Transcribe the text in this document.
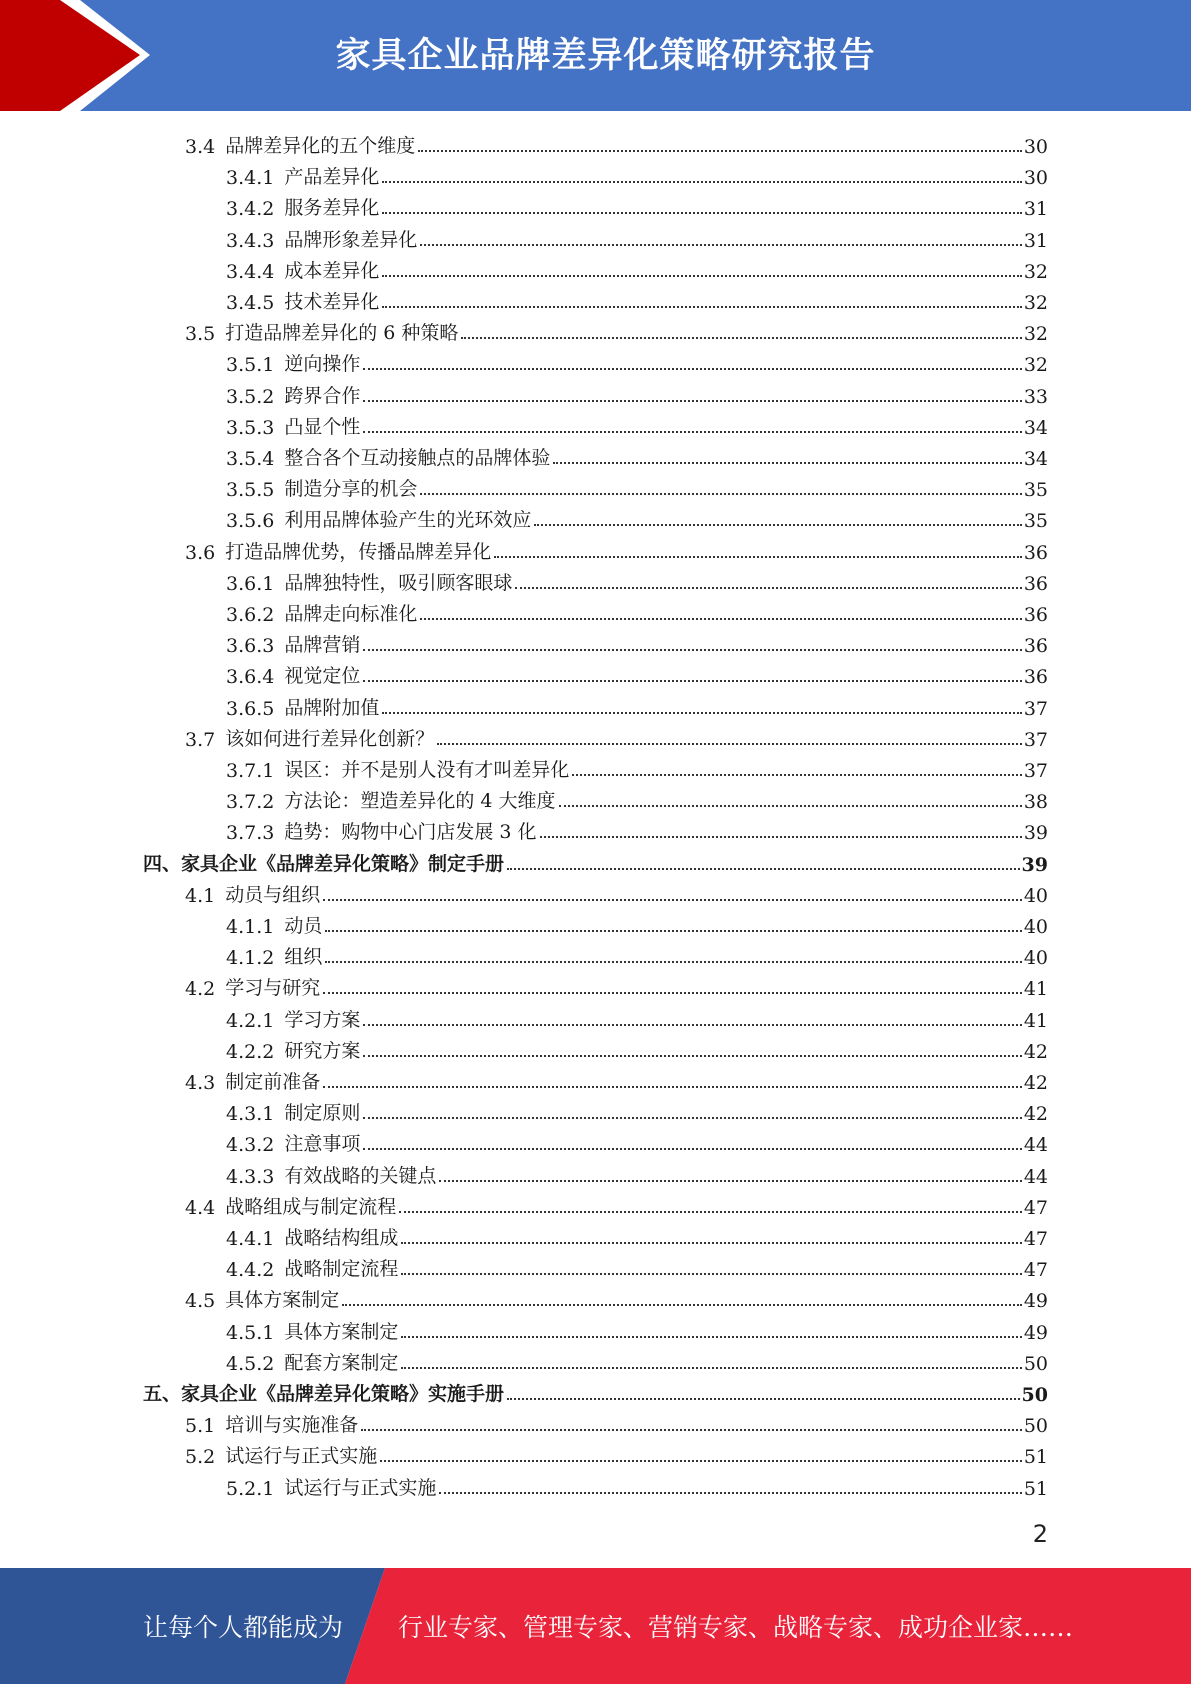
家具企业品牌差异化策略研究报告
3.4 品牌差异化的五个维度	30
3.4.1 产品差异化	30
3.4.2 服务差异化	31
3.4.3 品牌形象差异化	31
3.4.4 成本差异化	32
3.4.5 技术差异化	32
3.5 打造品牌差异化的 6 种策略	32
3.5.1 逆向操作	32
3.5.2 跨界合作	33
3.5.3 凸显个性	34
3.5.4 整合各个互动接触点的品牌体验	34
3.5.5 制造分享的机会	35
3.5.6 利用品牌体验产生的光环效应	35
3.6 打造品牌优势，传播品牌差异化	36
3.6.1 品牌独特性，吸引顾客眼球	36
3.6.2 品牌走向标准化	36
3.6.3 品牌营销	36
3.6.4 视觉定位	36
3.6.5 品牌附加值	37
3.7 该如何进行差异化创新？	37
3.7.1 误区：并不是别人没有才叫差异化	37
3.7.2 方法论：塑造差异化的 4 大维度	38
3.7.3 趋势：购物中心门店发展 3 化	39
四、 家具企业《品牌差异化策略》制定手册	39
4.1 动员与组织	40
4.1.1 动员	40
4.1.2 组织	40
4.2 学习与研究	41
4.2.1 学习方案	41
4.2.2 研究方案	42
4.3 制定前准备	42
4.3.1 制定原则	42
4.3.2 注意事项	44
4.3.3 有效战略的关键点	44
4.4 战略组成与制定流程	47
4.4.1 战略结构组成	47
4.4.2 战略制定流程	47
4.5 具体方案制定	49
4.5.1 具体方案制定	49
4.5.2 配套方案制定	50
五、 家具企业《品牌差异化策略》实施手册	50
5.1 培训与实施准备	50
5.2 试运行与正式实施	51
5.2.1 试运行与正式实施	51
2
让每个人都能成为 行业专家、管理专家、营销专家、战略专家、成功企业家……
